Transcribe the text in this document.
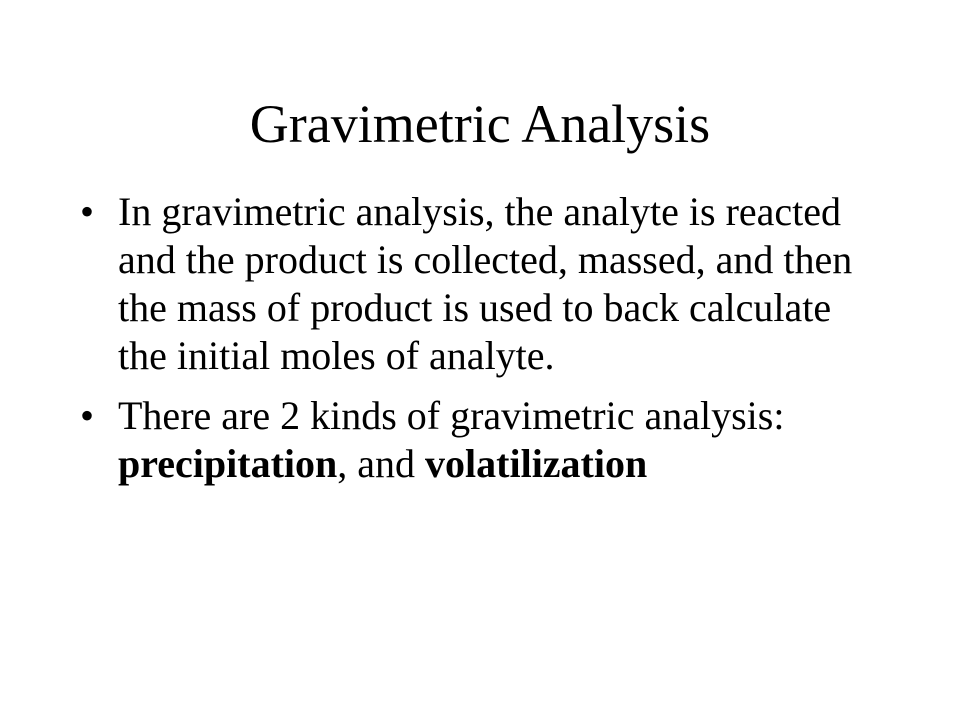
Gravimetric Analysis
• In gravimetric analysis, the analyte is reacted and the product is collected, massed, and then the mass of product is used to back calculate the initial moles of analyte.
• There are 2 kinds of gravimetric analysis: precipitation, and volatilization
